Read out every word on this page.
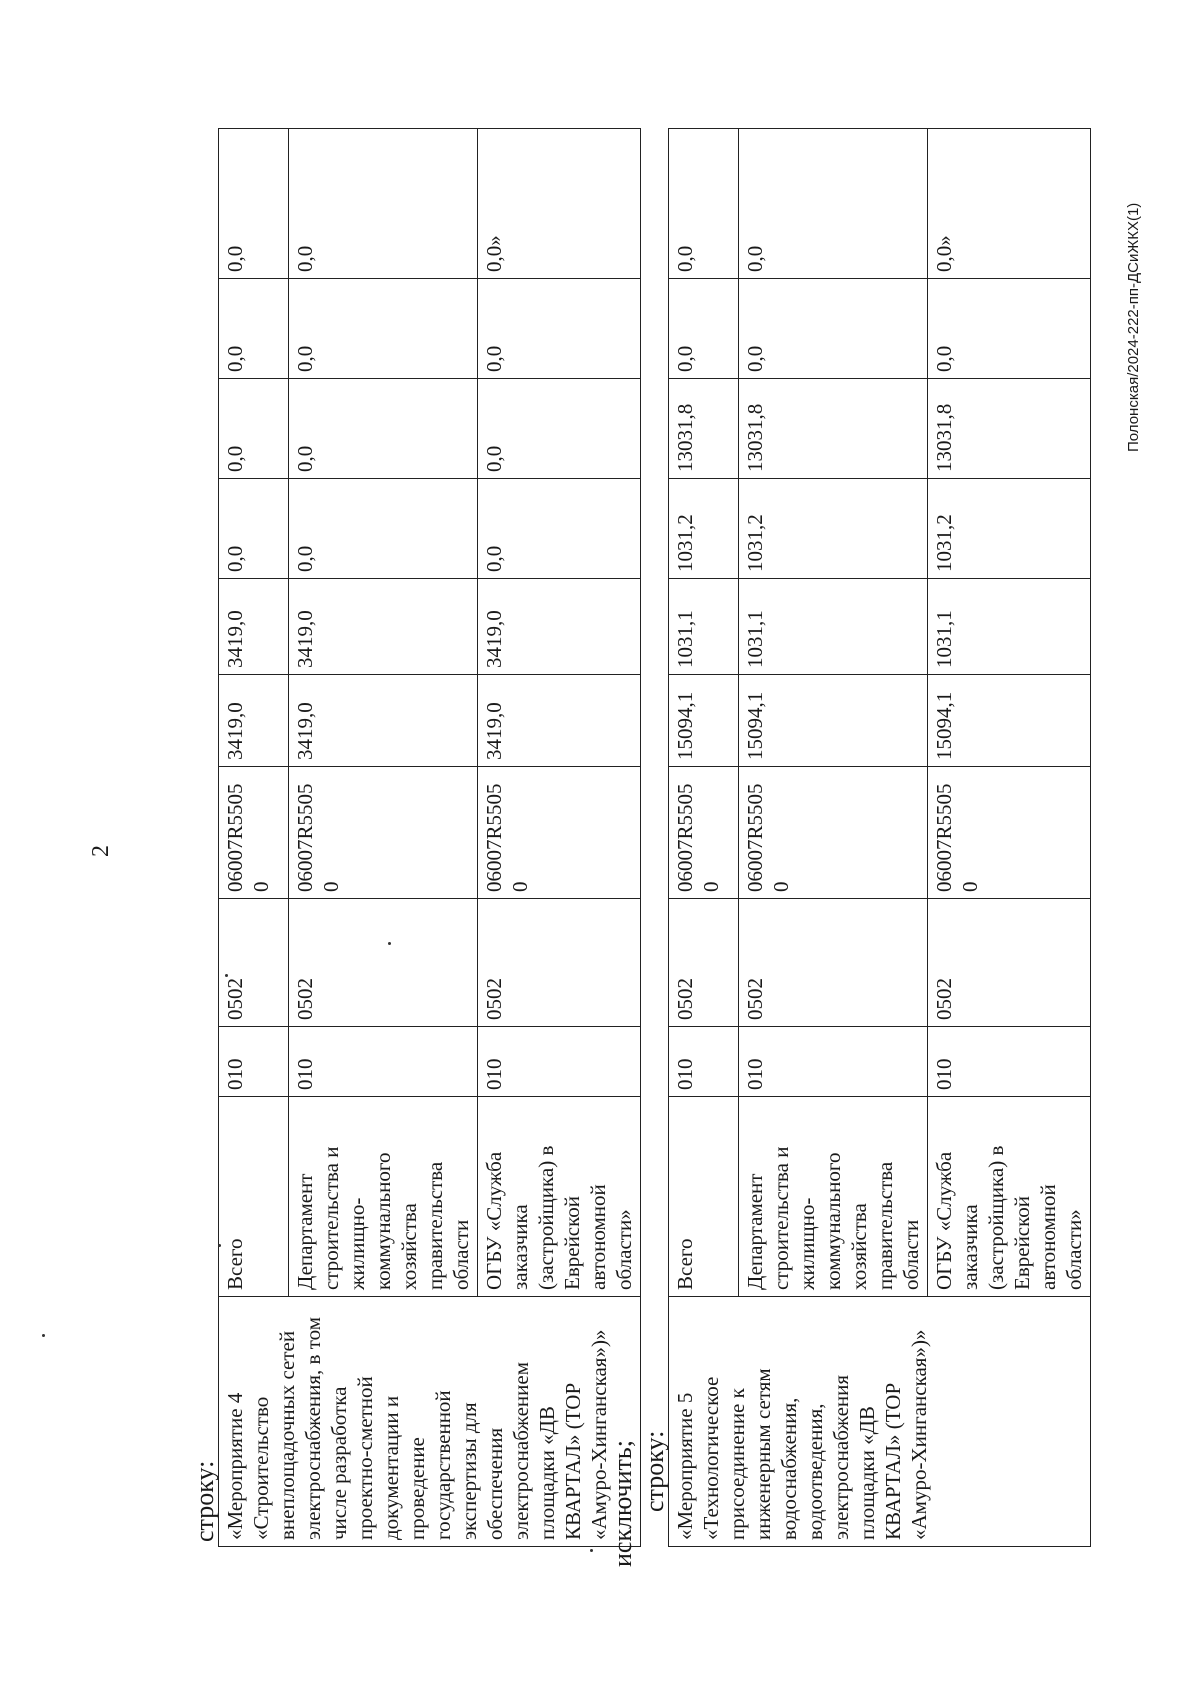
2
строку: «Мероприятие 4 «Строительство внеплощадочных сетей электроснабжения, в том числе разработка проектно-сметной документации и проведение государственной экспертизы для обеспечения электроснабжением площадки «ДВ КВАРТАЛ» (ТОР «Амуро-Хинганская»)»	Всего	010	0502	06007R5505 0	3419,0	3419,0	0,0	0,0	0,0	0,0
	Департамент строительства и жилищно-коммунального хозяйства правительства области	010	0502	06007R5505 0	3419,0	3419,0	0,0	0,0	0,0	0,0
	ОГБУ «Служба заказчика (застройщика) в Еврейской автономной области»	010	0502	06007R5505 0	3419,0	3419,0	0,0	0,0	0,0	0,0»
исключить; строку: «Мероприятие 5 «Технологическое присоединение к инженерным сетям водоснабжения, водоотведения, электроснабжения площадки «ДВ КВАРТАЛ» (ТОР «Амуро-Хинганская»)»	Всего	010	0502	06007R5505 0	15094,1	1031,1	1031,2	13031,8	0,0	0,0
	Департамент строительства и жилищно-коммунального хозяйства правительства области	010	0502	06007R5505 0	15094,1	1031,1	1031,2	13031,8	0,0	0,0
	ОГБУ «Служба заказчика (застройщика) в Еврейской автономной области»	010	0502	06007R5505 0	15094,1	1031,1	1031,2	13031,8	0,0	0,0»	Полонская/2024-222-пп-ДСиЖКХ(1)
